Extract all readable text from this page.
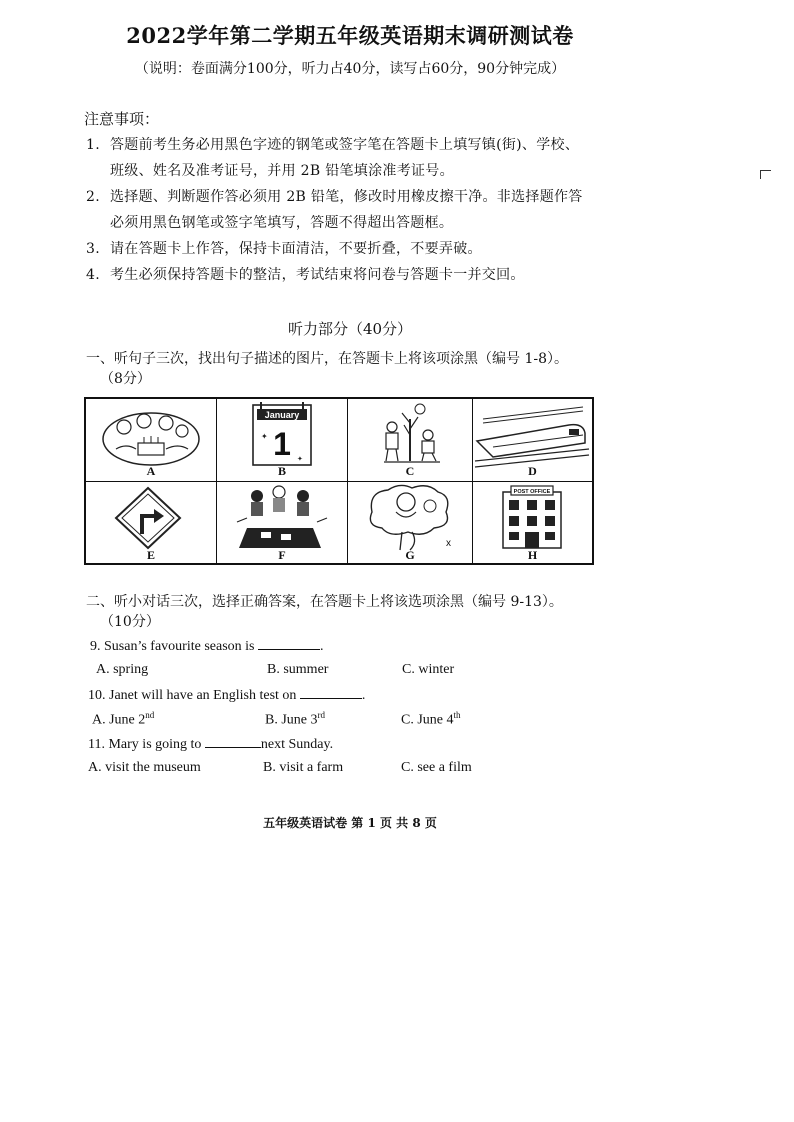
2022学年第二学期五年级英语期末调研测试卷
（说明：卷面满分100分，听力占40分，读写占60分，90分钟完成）
注意事项：
1. 答题前考生务必用黑色字迹的钢笔或签字笔在答题卡上填写镇(街)、学校、
班级、姓名及准考证号，并用 2B 铅笔填涂准考证号。
2. 选择题、判断题作答必须用 2B 铅笔，修改时用橡皮擦干净。非选择题作答
必须用黑色钢笔或签字笔填写，答题不得超出答题框。
3. 请在答题卡上作答，保持卡面清洁，不要折叠，不要弄破。
4. 考生必须保持答题卡的整洁，考试结束将问卷与答题卡一并交回。
听力部分（40分）
一、听句子三次，找出句子描述的图片，在答题卡上将该项涂黑（编号 1-8）。
（8分）
A
January
1
✦
✦
B	C	D
E	F
x
G
POST OFFICE
H
二、听小对话三次，选择正确答案，在答题卡上将该选项涂黑（编号 9-13）。
（10分）
9. Susan’s favourite season is	.
A. spring	B. summer	C. winter
10. Janet will have an English test on	.
A. June 2nd	B. June 3rd	C. June 4th
11. Mary is going to	next Sunday.
A. visit the museum	B. visit a farm	C. see a film
五年级英语试卷 第 1 页 共 8 页
